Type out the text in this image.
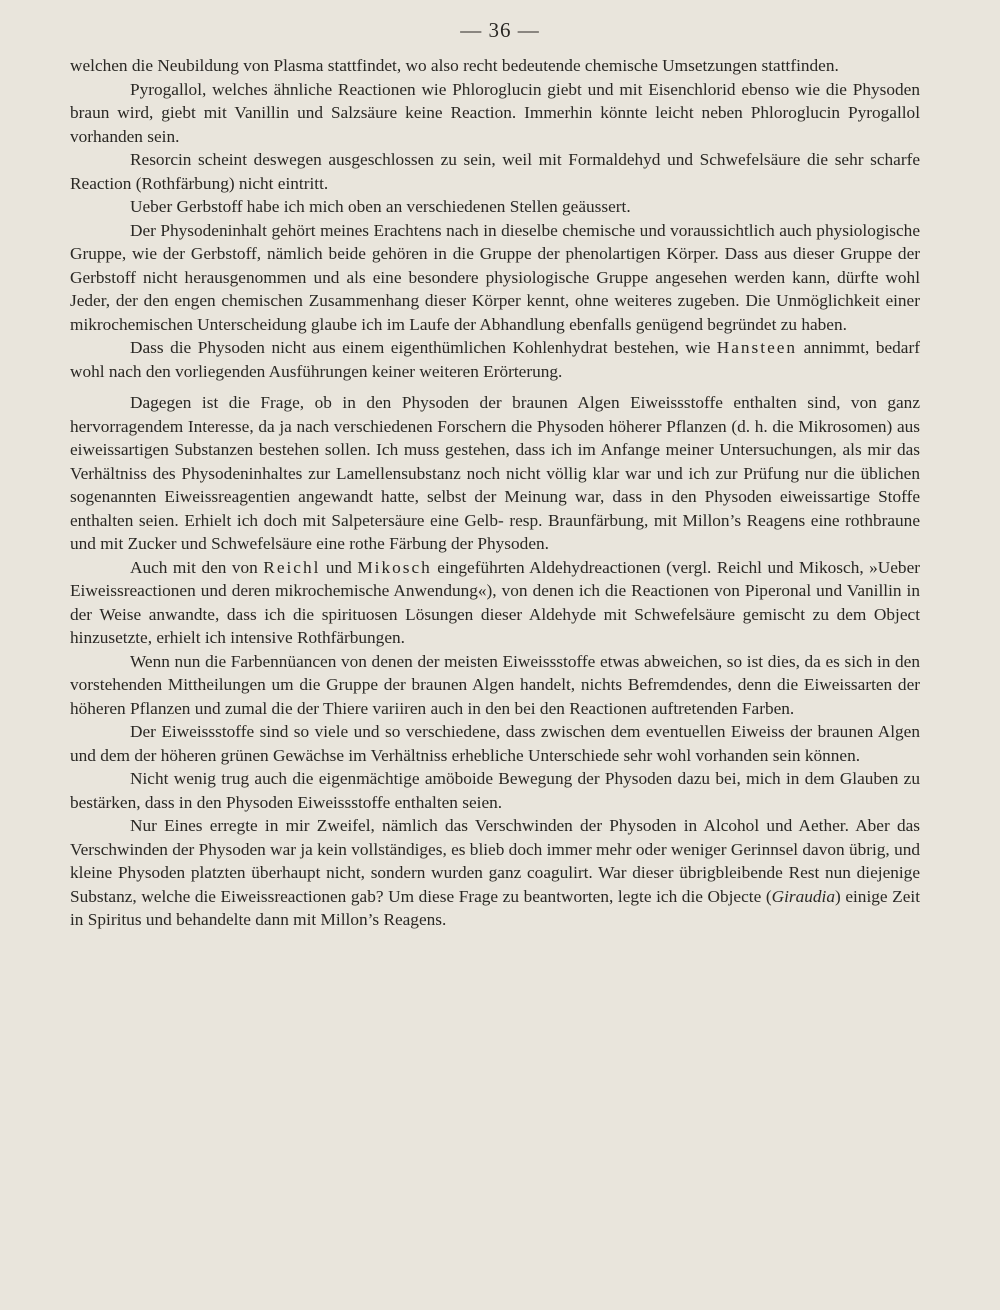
— 36 —

welchen die Neubildung von Plasma stattfindet, wo also recht bedeutende chemische Umsetzungen stattfinden.

Pyrogallol, welches ähnliche Reactionen wie Phloroglucin giebt und mit Eisenchlorid ebenso wie die Physoden braun wird, giebt mit Vanillin und Salzsäure keine Reaction. Immerhin könnte leicht neben Phloroglucin Pyrogallol vorhanden sein.

Resorcin scheint deswegen ausgeschlossen zu sein, weil mit Formaldehyd und Schwefelsäure die sehr scharfe Reaction (Rothfärbung) nicht eintritt.

Ueber Gerbstoff habe ich mich oben an verschiedenen Stellen geäussert.

Der Physodeninhalt gehört meines Erachtens nach in dieselbe chemische und voraussichtlich auch physiologische Gruppe, wie der Gerbstoff, nämlich beide gehören in die Gruppe der phenolartigen Körper. Dass aus dieser Gruppe der Gerbstoff nicht herausgenommen und als eine besondere physiologische Gruppe angesehen werden kann, dürfte wohl Jeder, der den engen chemischen Zusammenhang dieser Körper kennt, ohne weiteres zugeben. Die Unmöglichkeit einer mikrochemischen Unterscheidung glaube ich im Laufe der Abhandlung ebenfalls genügend begründet zu haben.

Dass die Physoden nicht aus einem eigenthümlichen Kohlenhydrat bestehen, wie Hansteen annimmt, bedarf wohl nach den vorliegenden Ausführungen keiner weiteren Erörterung.

Dagegen ist die Frage, ob in den Physoden der braunen Algen Eiweissstoffe enthalten sind, von ganz hervorragendem Interesse, da ja nach verschiedenen Forschern die Physoden höherer Pflanzen (d. h. die Mikrosomen) aus eiweissartigen Substanzen bestehen sollen. Ich muss gestehen, dass ich im Anfange meiner Untersuchungen, als mir das Verhältniss des Physodeninhaltes zur Lamellensubstanz noch nicht völlig klar war und ich zur Prüfung nur die üblichen sogenannten Eiweissreagentien angewandt hatte, selbst der Meinung war, dass in den Physoden eiweissartige Stoffe enthalten seien. Erhielt ich doch mit Salpetersäure eine Gelb- resp. Braunfärbung, mit Millon’s Reagens eine rothbraune und mit Zucker und Schwefelsäure eine rothe Färbung der Physoden.

Auch mit den von Reichl und Mikosch eingeführten Aldehydreactionen (vergl. Reichl und Mikosch, »Ueber Eiweissreactionen und deren mikrochemische Anwendung«), von denen ich die Reactionen von Piperonal und Vanillin in der Weise anwandte, dass ich die spirituosen Lösungen dieser Aldehyde mit Schwefelsäure gemischt zu dem Object hinzusetzte, erhielt ich intensive Rothfärbungen.

Wenn nun die Farbennüancen von denen der meisten Eiweissstoffe etwas abweichen, so ist dies, da es sich in den vorstehenden Mittheilungen um die Gruppe der braunen Algen handelt, nichts Befremdendes, denn die Eiweissarten der höheren Pflanzen und zumal die der Thiere variiren auch in den bei den Reactionen auftretenden Farben.

Der Eiweissstoffe sind so viele und so verschiedene, dass zwischen dem eventuellen Eiweiss der braunen Algen und dem der höheren grünen Gewächse im Verhältniss erhebliche Unterschiede sehr wohl vorhanden sein können.

Nicht wenig trug auch die eigenmächtige amöboide Bewegung der Physoden dazu bei, mich in dem Glauben zu bestärken, dass in den Physoden Eiweissstoffe enthalten seien.

Nur Eines erregte in mir Zweifel, nämlich das Verschwinden der Physoden in Alcohol und Aether. Aber das Verschwinden der Physoden war ja kein vollständiges, es blieb doch immer mehr oder weniger Gerinnsel davon übrig, und kleine Physoden platzten überhaupt nicht, sondern wurden ganz coagulirt. War dieser übrigbleibende Rest nun diejenige Substanz, welche die Eiweissreactionen gab? Um diese Frage zu beantworten, legte ich die Objecte (Giraudia) einige Zeit in Spiritus und behandelte dann mit Millon’s Reagens.
